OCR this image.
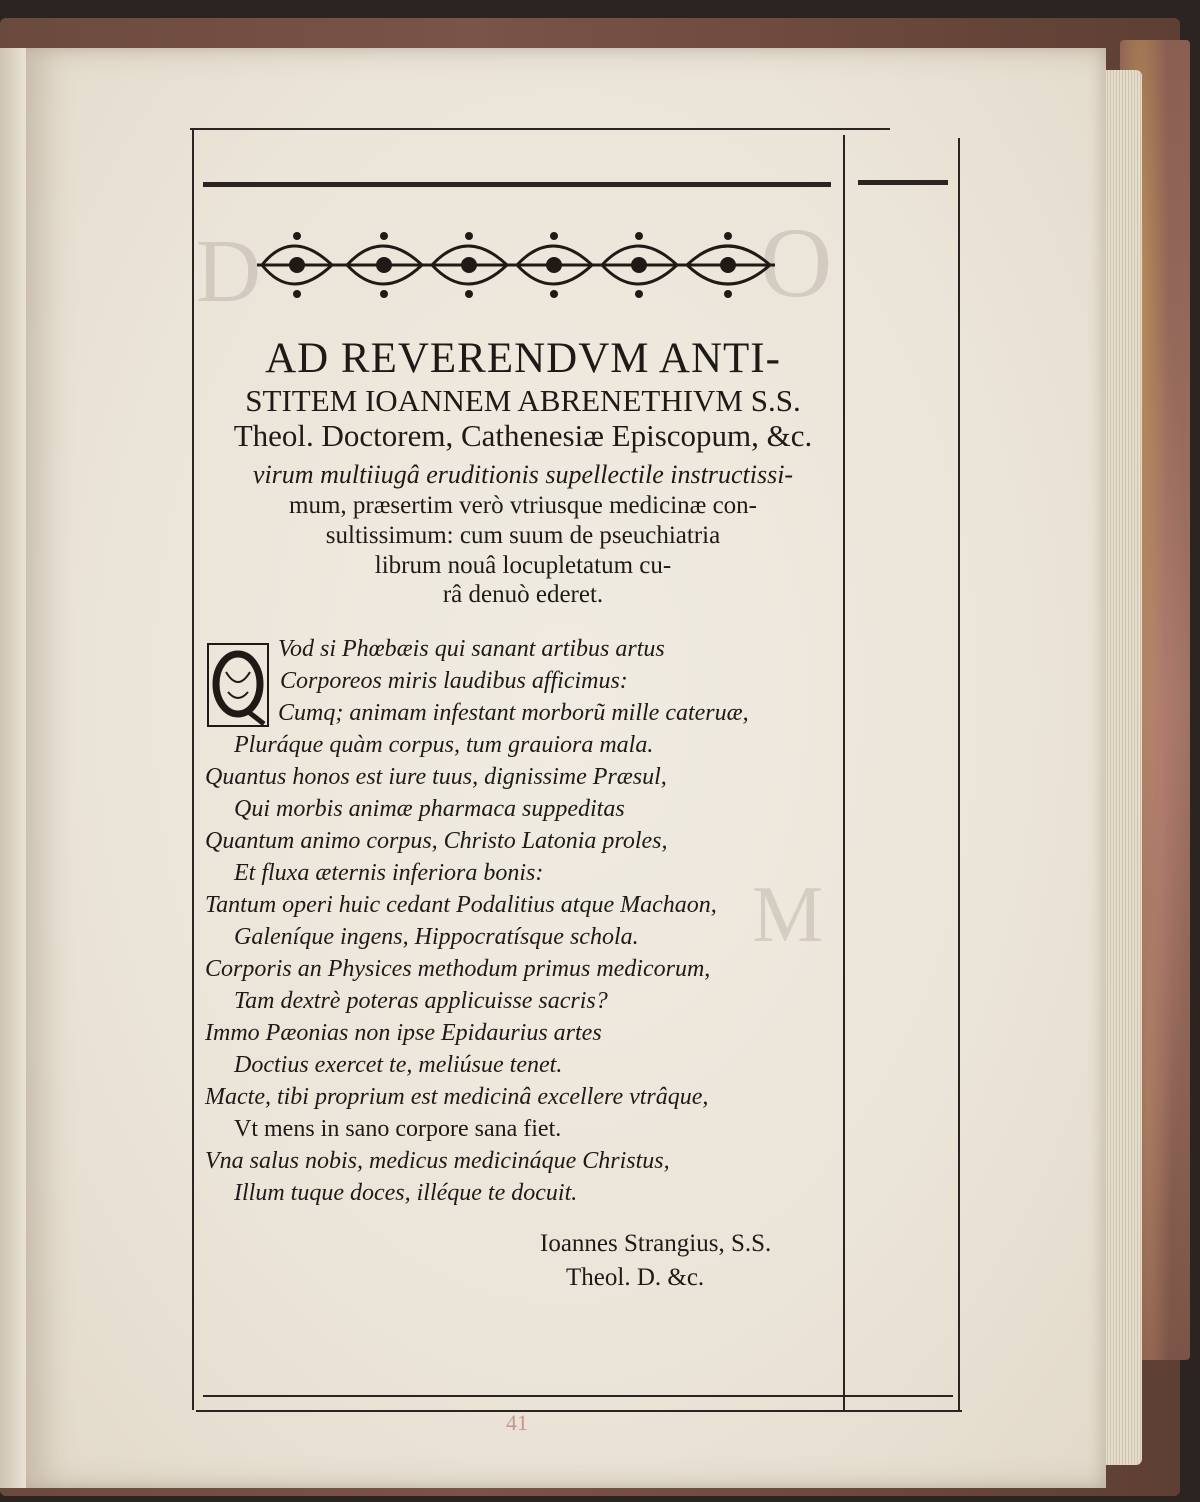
D	O
M
AD REVERENDVM ANTI-
STITEM IOANNEM ABRENETHIVM S.S.
Theol. Doctorem, Cathenesiæ Episcopum, &c.
virum multiiugâ eruditionis supellectile instructissi-
mum, præsertim verò vtriusque medicinæ con-
sultissimum: cum suum de pseuchiatria
librum nouâ locupletatum cu-
râ denuò ederet.
Vod si Phœbæis qui sanant artibus artus
Corporeos miris laudibus afficimus:
Cumq; animam infestant morborũ mille cateruæ,
Pluráque quàm corpus, tum grauiora mala.
Quantus honos est iure tuus, dignissime Præsul,
Qui morbis animæ pharmaca suppeditas
Quantum animo corpus, Christo Latonia proles,
Et fluxa æternis inferiora bonis:
Tantum operi huic cedant Podalitius atque Machaon,
Galeníque ingens, Hippocratísque schola.
Corporis an Physices methodum primus medicorum,
Tam dextrè poteras applicuisse sacris?
Immo Pæonias non ipse Epidaurius artes
Doctius exercet te, meliúsue tenet.
Macte, tibi proprium est medicinâ excellere vtrâque,
Vt mens in sano corpore sana fiet.
Vna salus nobis, medicus medicináque Christus,
Illum tuque doces, illéque te docuit.
Ioannes Strangius, S.S.
Theol. D. &c.
41
